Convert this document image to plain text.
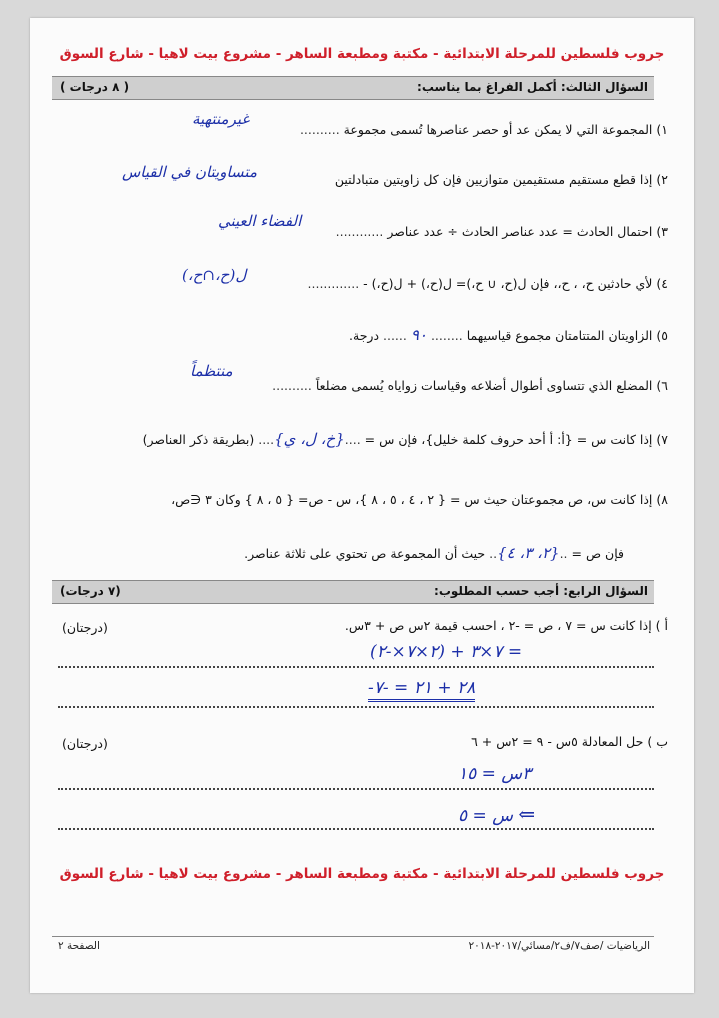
جروب فلسطين للمرحلة الابتدائية - مكتبة ومطبعة الساهر - مشروع بيت لاهيا - شارع السوق
السؤال الثالث: أكمل الفراغ بما يناسب:
( ٨ درجات )
١) المجموعة التي لا يمكن عد أو حصر عناصرها تُسمى مجموعة ..........
غيرمنتهية
٢) إذا قطع مستقيم مستقيمين متوازيين فإن كل زاويتين متبادلتين
متساويتان في القياس
٣) احتمال الحادث = عدد عناصر الحادث ÷ عدد عناصر ............
الفضاء العيني
٤) لأي حادثين ح، ، ح،، فإن ل(ح، ∪ ح،)= ل(ح،) + ل(ح،) - .............
ل(ح،∩ح،)
٥) الزاويتان المتتامتان مجموع قياسيهما ........ ٩٠ ...... درجة.
٦) المضلع الذي تتساوى أطوال أضلاعه وقياسات زواياه يُسمى مضلعاً ..........
منتظماً
٧) إذا كانت س = {أ: أ أحد حروف كلمة خليل}، فإن س = ....{خ، ل، ي}.... (بطريقة ذكر العناصر)
٨) إذا كانت س، ص مجموعتان حيث س = { ٢ ، ٤ ، ٥ ، ٨ }، س - ص= { ٥ ، ٨ } وكان ٣ ∈ص،
فإن ص = ..{٢، ٣، ٤}.. حيث أن المجموعة ص تحتوي على ثلاثة عناصر.
السؤال الرابع: أجب حسب المطلوب:
(٧ درجات)
أ ) إذا كانت س = ٧ ، ص = -٢ ، احسب قيمة ٢س ص + ٣س.
(درجتان)
٧×٣ + (٢×٧×-٢) =
-٢٨ + ٢١ = -٧
ب ) حل المعادلة ٥س - ٩ = ٢س + ٦
(درجتان)
٣س = ١٥
س = ٥ ⇐
جروب فلسطين للمرحلة الابتدائية - مكتبة ومطبعة الساهر - مشروع بيت لاهيا - شارع السوق
الصفحة ٢	الرياضيات /صف٧/ف٢/مسائي/٢٠١٧-٢٠١٨
